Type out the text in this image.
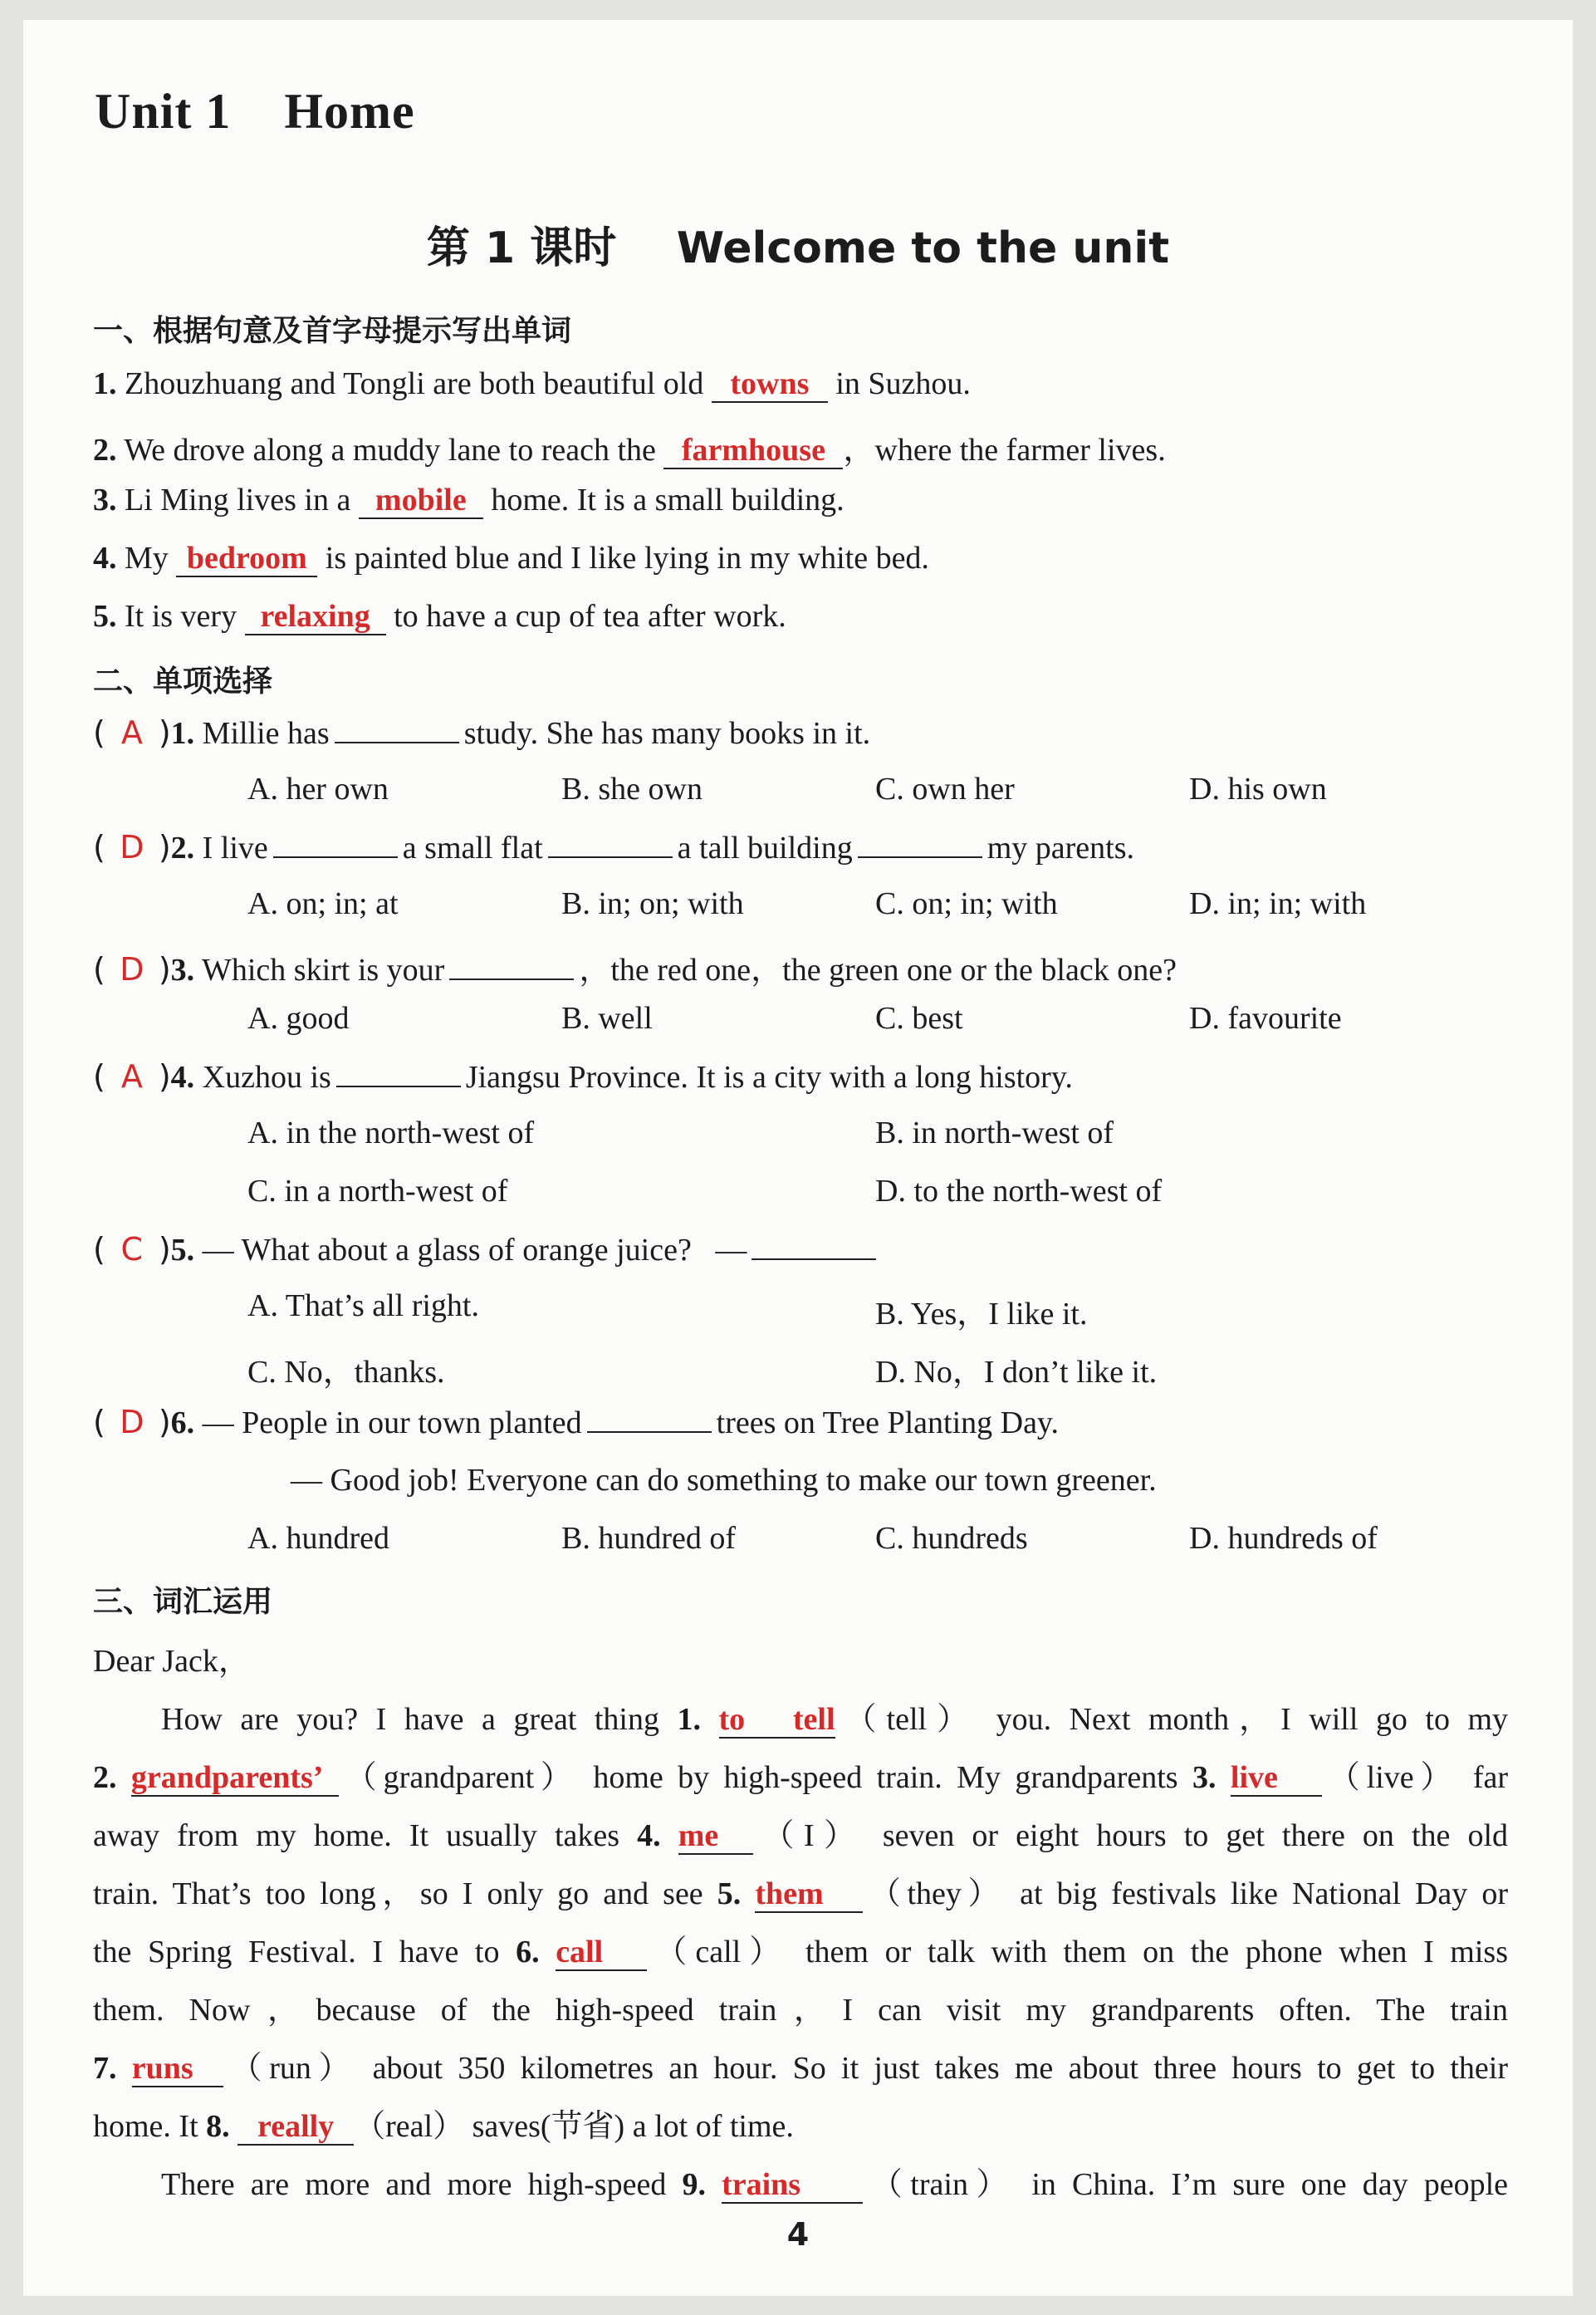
Unit 1    Home
第 1 课时    Welcome to the unit
一、根据句意及首字母提示写出单词
1. Zhouzhuang and Tongli are both beautiful old towns in Suzhou.
2. We drove along a muddy lane to reach the farmhouse ，where the farmer lives.
3. Li Ming lives in a mobile home. It is a small building.
4. My bedroom is painted blue and I like lying in my white bed.
5. It is very relaxing to have a cup of tea after work.
二、单项选择
( A )1. Millie has	study. She has many books in it.
A. her own	B. she own	C. own her	D. his own
( D )2. I live	a small flat	a tall building	my parents.
A. on; in; at	B. in; on; with	C. on; in; with	D. in; in; with
( D )3. Which skirt is your	，the red one，the green one or the black one?
A. good	B. well	C. best	D. favourite
( A )4. Xuzhou is	Jiangsu Province. It is a city with a long history.
A. in the north-west of	B. in north-west of
C. in a north-west of	D. to the north-west of
( C )5. — What about a glass of orange juice? —
A. That’s all right.	B. Yes，I like it.
C. No，thanks.	D. No，I don’t like it.
( D )6. — People in our town planted	trees on Tree Planting Day.
— Good job! Everyone can do something to make our town greener.
A. hundred	B. hundred of	C. hundreds	D. hundreds of
三、词汇运用
Dear Jack，
How are you? I have a great thing 1. to tell（tell） you. Next month，I will go to my
2. grandparents’ （grandparent） home by high-speed train. My grandparents 3. live （live） far
away from my home. It usually takes 4. me （I） seven or eight hours to get there on the old
train. That’s too long，so I only go and see 5. them （they） at big festivals like National Day or
the Spring Festival. I have to 6. call （call） them or talk with them on the phone when I miss
them. Now，because of the high-speed train，I can visit my grandparents often. The train
7. runs （run） about 350 kilometres an hour. So it just takes me about three hours to get to their
home. It 8. really （real） saves(节省) a lot of time.
There are more and more high-speed 9. trains （train） in China. I’m sure one day people
4
